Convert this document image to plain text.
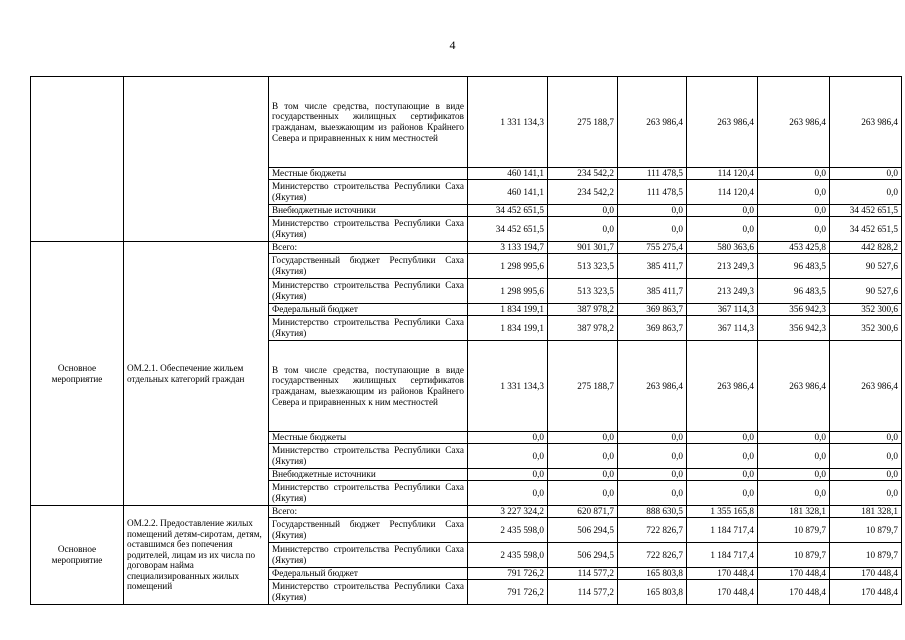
4
		В том числе средства, поступающие в виде государственных жилищных сертификатов гражданам, выезжающим из районов Крайнего Севера и приравненных к ним местностей	1 331 134,3	275 188,7	263 986,4	263 986,4	263 986,4	263 986,4
		Местные бюджеты	460 141,1	234 542,2	111 478,5	114 120,4	0,0	0,0
		Министерство строительства Республики Саха (Якутия)	460 141,1	234 542,2	111 478,5	114 120,4	0,0	0,0
		Внебюджетные источники	34 452 651,5	0,0	0,0	0,0	0,0	34 452 651,5
		Министерство строительства Республики Саха (Якутия)	34 452 651,5	0,0	0,0	0,0	0,0	34 452 651,5
Основное мероприятие	ОМ.2.1. Обеспечение жильем отдельных категорий граждан	Всего:	3 133 194,7	901 301,7	755 275,4	580 363,6	453 425,8	442 828,2
		Государственный бюджет Республики Саха (Якутия)	1 298 995,6	513 323,5	385 411,7	213 249,3	96 483,5	90 527,6
		Министерство строительства Республики Саха (Якутия)	1 298 995,6	513 323,5	385 411,7	213 249,3	96 483,5	90 527,6
		Федеральный бюджет	1 834 199,1	387 978,2	369 863,7	367 114,3	356 942,3	352 300,6
		Министерство строительства Республики Саха (Якутия)	1 834 199,1	387 978,2	369 863,7	367 114,3	356 942,3	352 300,6
		В том числе средства, поступающие в виде государственных жилищных сертификатов гражданам, выезжающим из районов Крайнего Севера и приравненных к ним местностей	1 331 134,3	275 188,7	263 986,4	263 986,4	263 986,4	263 986,4
		Местные бюджеты	0,0	0,0	0,0	0,0	0,0	0,0
		Министерство строительства Республики Саха (Якутия)	0,0	0,0	0,0	0,0	0,0	0,0
		Внебюджетные источники	0,0	0,0	0,0	0,0	0,0	0,0
		Министерство строительства Республики Саха (Якутия)	0,0	0,0	0,0	0,0	0,0	0,0
Основное мероприятие	ОМ.2.2. Предоставление жилых помещений детям-сиротам, детям, оставшимся без попечения родителей, лицам из их числа по договорам найма специализированных жилых помещений	Всего:	3 227 324,2	620 871,7	888 630,5	1 355 165,8	181 328,1	181 328,1
		Государственный бюджет Республики Саха (Якутия)	2 435 598,0	506 294,5	722 826,7	1 184 717,4	10 879,7	10 879,7
		Министерство строительства Республики Саха (Якутия)	2 435 598,0	506 294,5	722 826,7	1 184 717,4	10 879,7	10 879,7
		Федеральный бюджет	791 726,2	114 577,2	165 803,8	170 448,4	170 448,4	170 448,4
		Министерство строительства Республики Саха (Якутия)	791 726,2	114 577,2	165 803,8	170 448,4	170 448,4	170 448,4
